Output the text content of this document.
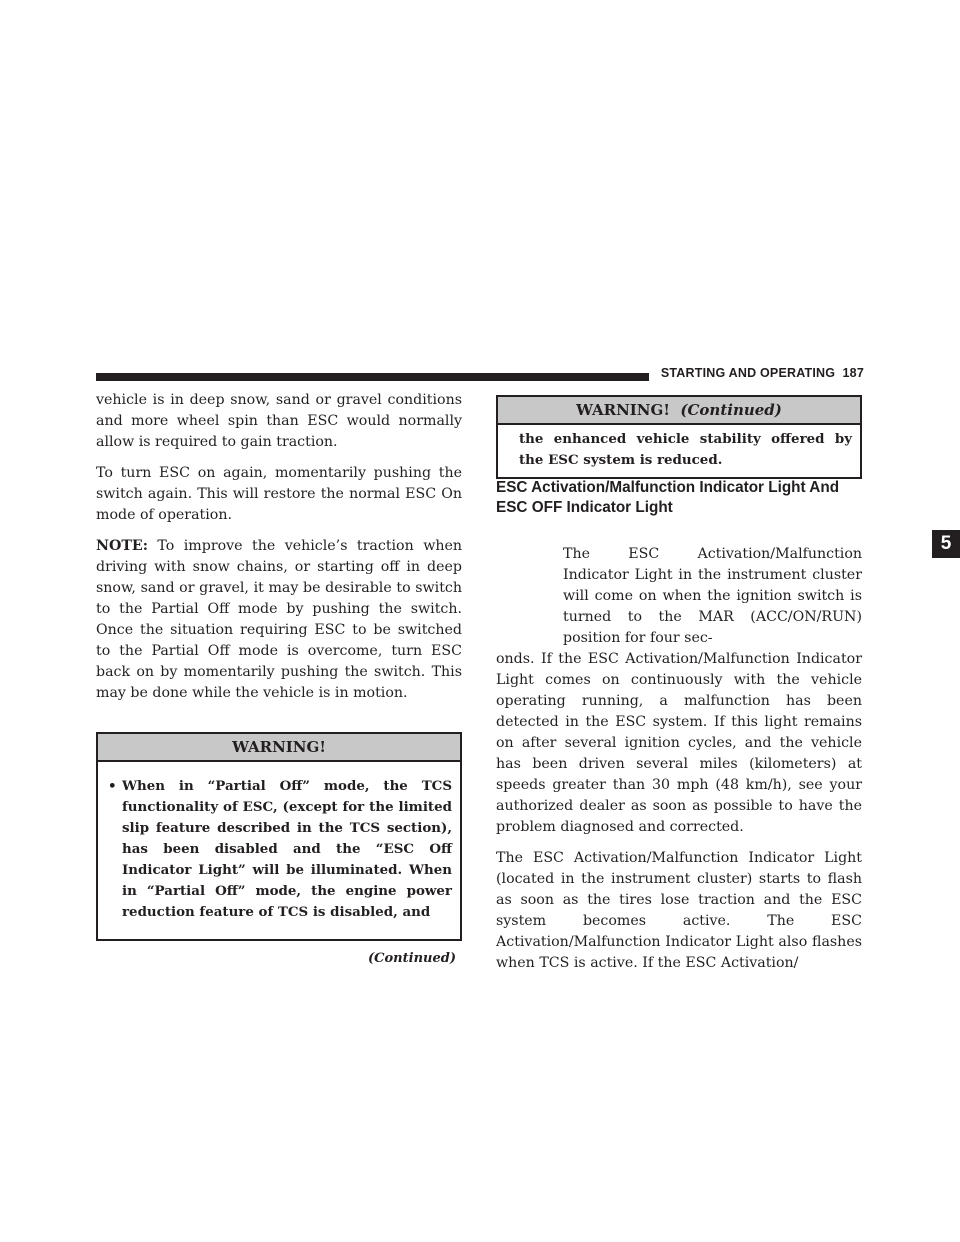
STARTING AND OPERATING 187
5

vehicle is in deep snow, sand or gravel conditions and more wheel spin than ESC would normally allow is required to gain traction.

To turn ESC on again, momentarily pushing the switch again. This will restore the normal ESC On mode of operation.

NOTE: To improve the vehicle’s traction when driving with snow chains, or starting off in deep snow, sand or gravel, it may be desirable to switch to the Partial Off mode by pushing the switch. Once the situation requiring ESC to be switched to the Partial Off mode is overcome, turn ESC back on by momentarily pushing the switch. This may be done while the vehicle is in motion.

WARNING!
• When in “Partial Off” mode, the TCS functionality of ESC, (except for the limited slip feature described in the TCS section), has been disabled and the “ESC Off Indicator Light” will be illuminated. When in “Partial Off” mode, the engine power reduction feature of TCS is disabled, and
(Continued)
WARNING! (Continued)
the enhanced vehicle stability offered by the ESC system is reduced.
ESC Activation/Malfunction Indicator Light And ESC OFF Indicator Light

The ESC Activation/Malfunction Indicator Light in the instrument cluster will come on when the ignition switch is turned to the MAR (ACC/ON/RUN) position for four sec-

onds. If the ESC Activation/Malfunction Indicator Light comes on continuously with the vehicle operating running, a malfunction has been detected in the ESC system. If this light remains on after several ignition cycles, and the vehicle has been driven several miles (kilometers) at speeds greater than 30 mph (48 km/h), see your authorized dealer as soon as possible to have the problem diagnosed and corrected.

The ESC Activation/Malfunction Indicator Light (located in the instrument cluster) starts to flash as soon as the tires lose traction and the ESC system becomes active. The ESC Activation/Malfunction Indicator Light also flashes when TCS is active. If the ESC Activation/
